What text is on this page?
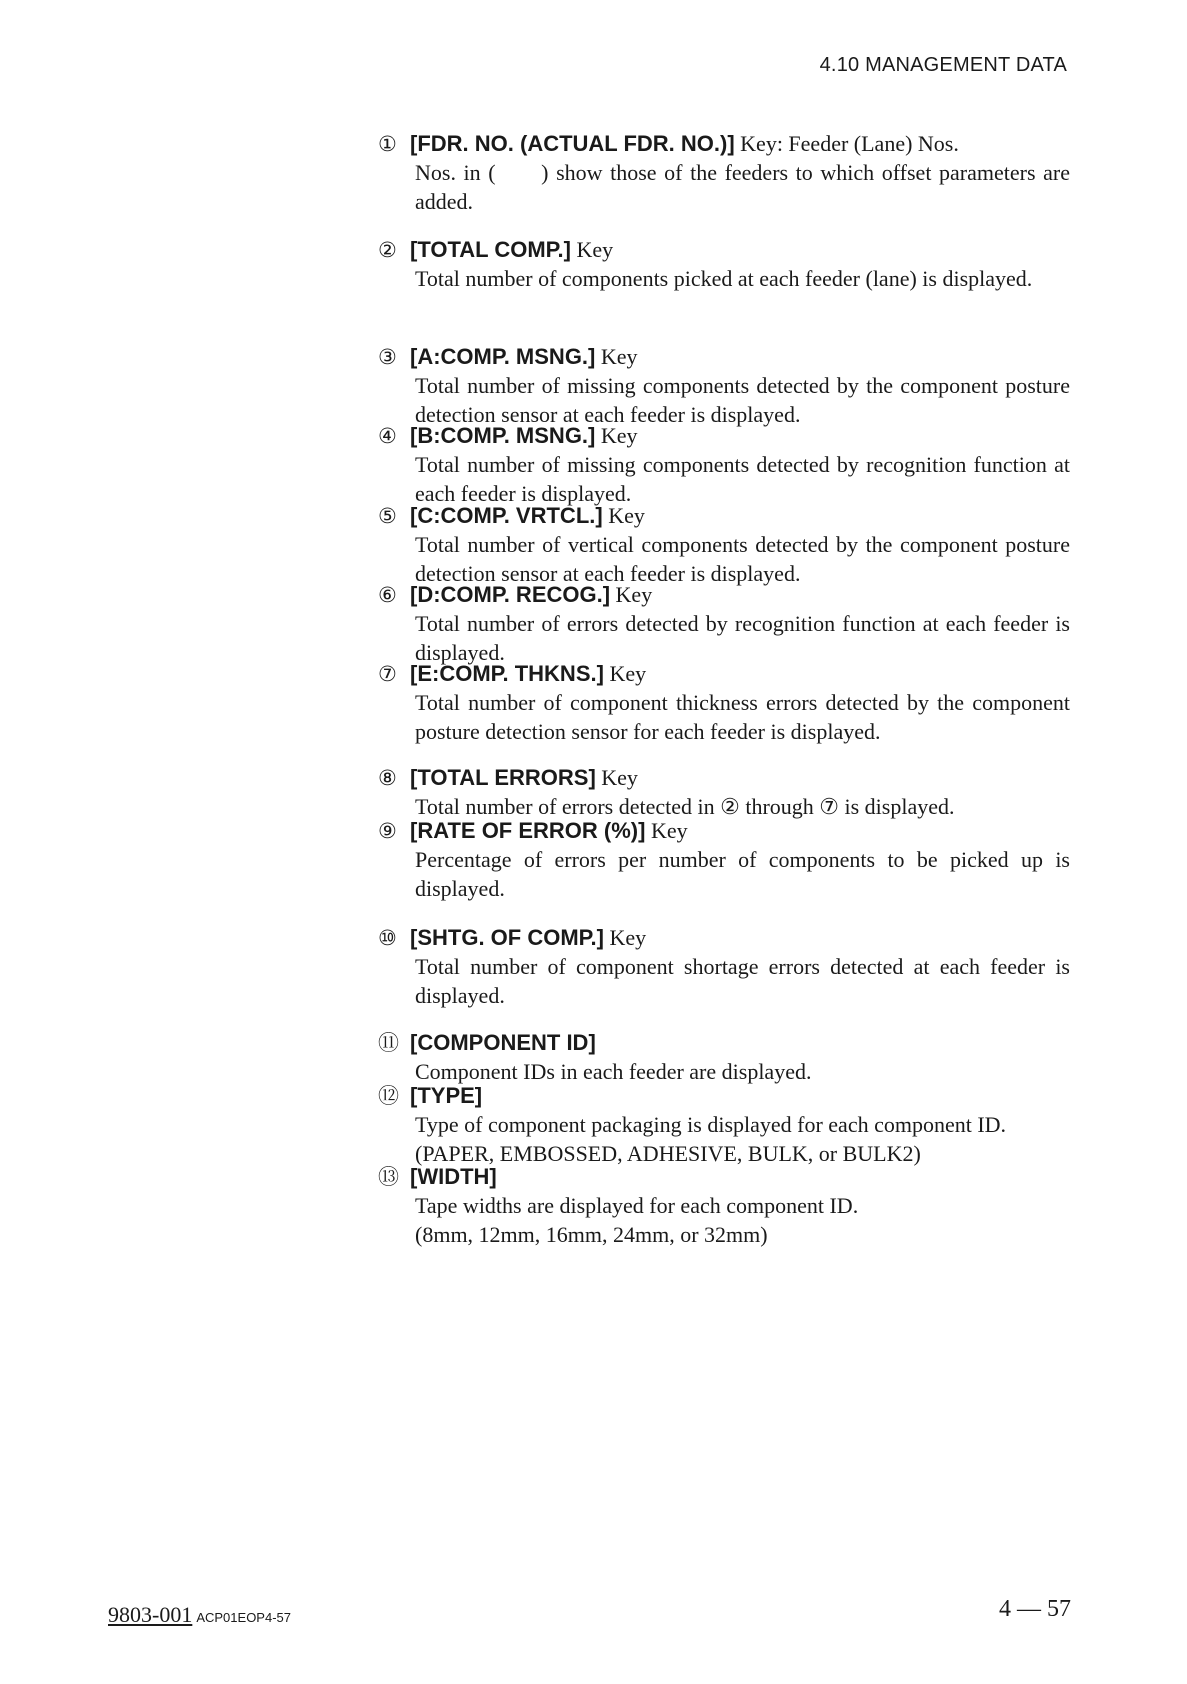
4.10 MANAGEMENT DATA
① [FDR. NO. (ACTUAL FDR. NO.)] Key: Feeder (Lane) Nos.

Nos. in (      ) show those of the feeders to which offset parameters are added.

② [TOTAL COMP.] Key

Total number of components picked at each feeder (lane) is displayed.

③ [A:COMP. MSNG.] Key

Total number of missing components detected by the component posture detection sensor at each feeder is displayed.

④ [B:COMP. MSNG.] Key

Total number of missing components detected by recognition function at each feeder is displayed.

⑤ [C:COMP. VRTCL.] Key

Total number of vertical components detected by the component posture detection sensor at each feeder is displayed.

⑥ [D:COMP. RECOG.] Key

Total number of errors detected by recognition function at each feeder is displayed.

⑦ [E:COMP. THKNS.] Key

Total number of component thickness errors detected by the component posture detection sensor for each feeder is displayed.

⑧ [TOTAL ERRORS] Key

Total number of errors detected in ② through ⑦ is displayed.

⑨ [RATE OF ERROR (%)] Key

Percentage of errors per number of components to be picked up is displayed.

⑩ [SHTG. OF COMP.] Key

Total number of component shortage errors detected at each feeder is displayed.

⑪ [COMPONENT ID]

Component IDs in each feeder are displayed.

⑫ [TYPE]

Type of component packaging is displayed for each component ID.

(PAPER, EMBOSSED, ADHESIVE, BULK, or BULK2)

⑬ [WIDTH]

Tape widths are displayed for each component ID.

(8mm, 12mm, 16mm, 24mm, or 32mm)

9803-001 ACP01EOP4-57	4 — 57
